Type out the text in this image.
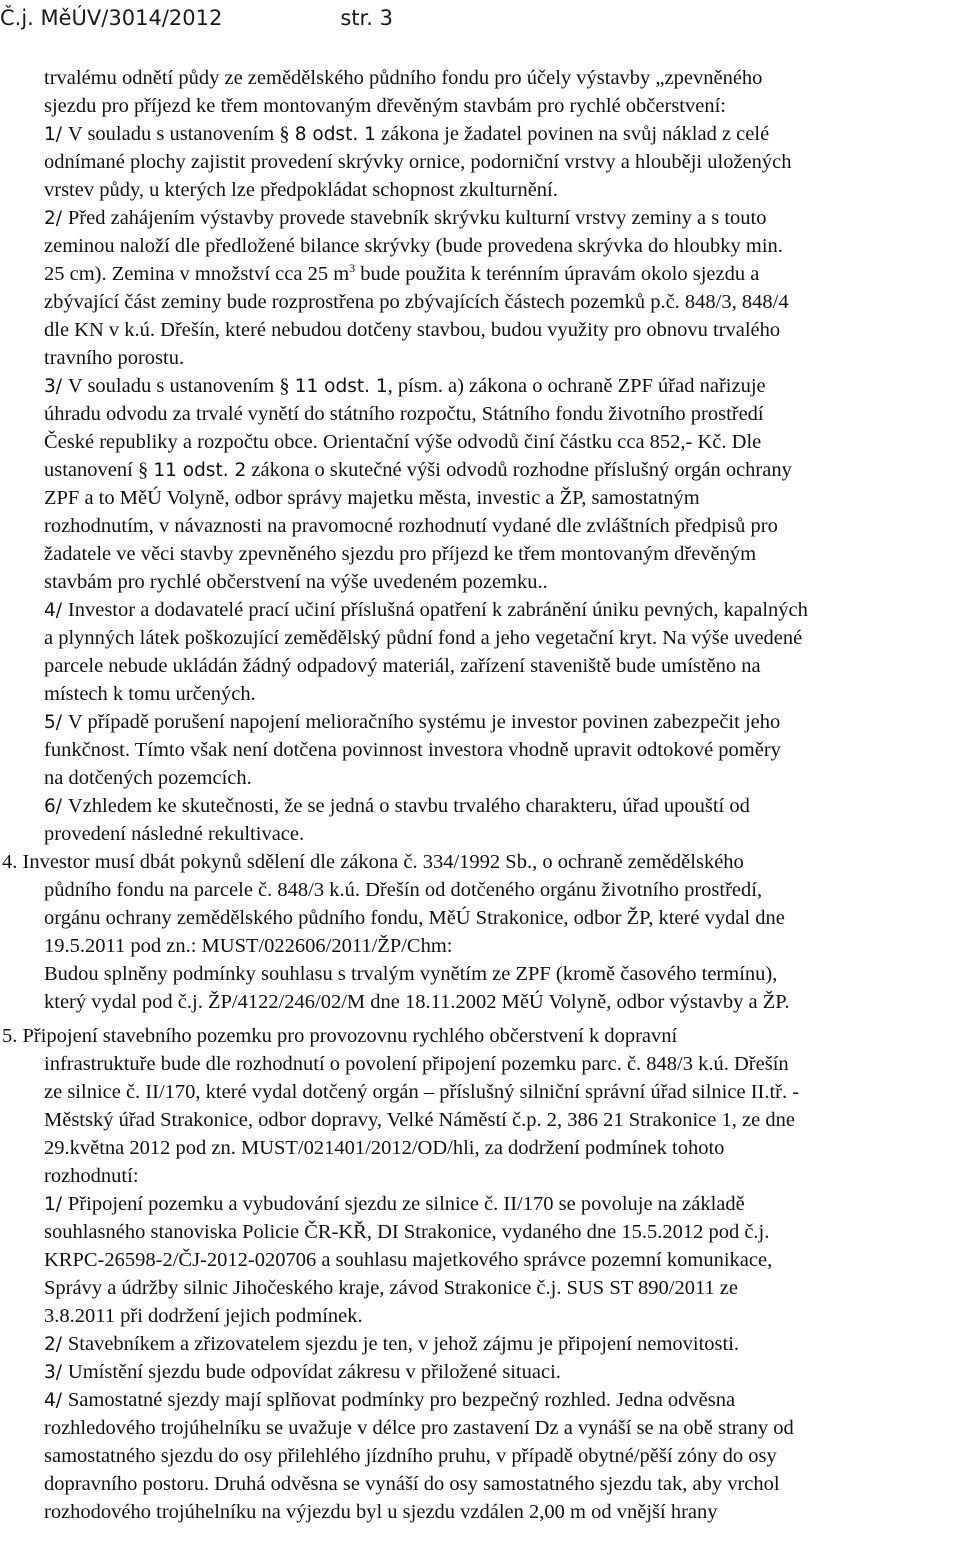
Č.j. MěÚV/3014/2012	str. 3
trvalému odnětí půdy ze zemědělského půdního fondu pro účely výstavby „zpevněného
sjezdu pro příjezd ke třem montovaným dřevěným stavbám pro rychlé občerstvení:
1/ V souladu s ustanovením § 8 odst. 1 zákona je žadatel povinen na svůj náklad z celé
odnímané plochy zajistit provedení skrývky ornice, podorniční vrstvy a hlouběji uložených
vrstev půdy, u kterých lze předpokládat schopnost zkulturnění.
2/ Před zahájením výstavby provede stavebník skrývku kulturní vrstvy zeminy a s touto
zeminou naloží dle předložené bilance skrývky (bude provedena skrývka do hloubky min.
25 cm). Zemina v množství cca 25 $m^3$ bude použita k terénním úpravám okolo sjezdu a
zbývající část zeminy bude rozprostřena po zbývajících částech pozemků p.č. 848/3, 848/4
dle KN v k.ú. Dřešín, které nebudou dotčeny stavbou, budou využity pro obnovu trvalého
travního porostu.
3/ V souladu s ustanovením § 11 odst. 1, písm. a) zákona o ochraně ZPF úřad nařizuje
úhradu odvodu za trvalé vynětí do státního rozpočtu, Státního fondu životního prostředí
České republiky a rozpočtu obce. Orientační výše odvodů činí částku cca 852,- Kč. Dle
ustanovení § 11 odst. 2 zákona o skutečné výši odvodů rozhodne příslušný orgán ochrany
ZPF a to MěÚ Volyně, odbor správy majetku města, investic a ŽP, samostatným
rozhodnutím, v návaznosti na pravomocné rozhodnutí vydané dle zvláštních předpisů pro
žadatele ve věci stavby zpevněného sjezdu pro příjezd ke třem montovaným dřevěným
stavbám pro rychlé občerstvení na výše uvedeném pozemku..
4/ Investor a dodavatelé prací učiní příslušná opatření k zabránění úniku pevných, kapalných
a plynných látek poškozující zemědělský půdní fond a jeho vegetační kryt. Na výše uvedené
parcele nebude ukládán žádný odpadový materiál, zařízení staveniště bude umístěno na
místech k tomu určených.
5/ V případě porušení napojení melioračního systému je investor povinen zabezpečit jeho
funkčnost. Tímto však není dotčena povinnost investora vhodně upravit odtokové poměry
na dotčených pozemcích.
6/ Vzhledem ke skutečnosti, že se jedná o stavbu trvalého charakteru, úřad upouští od
provedení následné rekultivace.
4. Investor musí dbát pokynů sdělení dle zákona č. 334/1992 Sb., o ochraně zemědělského
půdního fondu na parcele č. 848/3 k.ú. Dřešín od dotčeného orgánu životního prostředí,
orgánu ochrany zemědělského půdního fondu, MěÚ Strakonice, odbor ŽP, které vydal dne
19.5.2011 pod zn.: MUST/022606/2011/ŽP/Chm:
Budou splněny podmínky souhlasu s trvalým vynětím ze ZPF (kromě časového termínu),
který vydal pod č.j. ŽP/4122/246/02/M dne 18.11.2002 MěÚ Volyně, odbor výstavby a ŽP.
5. Připojení stavebního pozemku pro provozovnu rychlého občerstvení k dopravní
infrastruktuře bude dle rozhodnutí o povolení připojení pozemku parc. č. 848/3 k.ú. Dřešín
ze silnice č. II/170, které vydal dotčený orgán – příslušný silniční správní úřad silnice II.tř. -
Městský úřad Strakonice, odbor dopravy, Velké Náměstí č.p. 2, 386 21 Strakonice 1, ze dne
29.května 2012 pod zn. MUST/021401/2012/OD/hli, za dodržení podmínek tohoto
rozhodnutí:
1/ Připojení pozemku a vybudování sjezdu ze silnice č. II/170 se povoluje na základě
souhlasného stanoviska Policie ČR-KŘ, DI Strakonice, vydaného dne 15.5.2012 pod č.j.
KRPC-26598-2/ČJ-2012-020706 a souhlasu majetkového správce pozemní komunikace,
Správy a údržby silnic Jihočeského kraje, závod Strakonice č.j. SUS ST 890/2011 ze
3.8.2011 při dodržení jejich podmínek.
2/ Stavebníkem a zřizovatelem sjezdu je ten, v jehož zájmu je připojení nemovitosti.
3/ Umístění sjezdu bude odpovídat zákresu v přiložené situaci.
4/ Samostatné sjezdy mají splňovat podmínky pro bezpečný rozhled. Jedna odvěsna
rozhledového trojúhelníku se uvažuje v délce pro zastavení Dz a vynáší se na obě strany od
samostatného sjezdu do osy přilehlého jízdního pruhu, v případě obytné/pěší zóny do osy
dopravního postoru. Druhá odvěsna se vynáší do osy samostatného sjezdu tak, aby vrchol
rozhodového trojúhelníku na výjezdu byl u sjezdu vzdálen 2,00 m od vnější hrany
